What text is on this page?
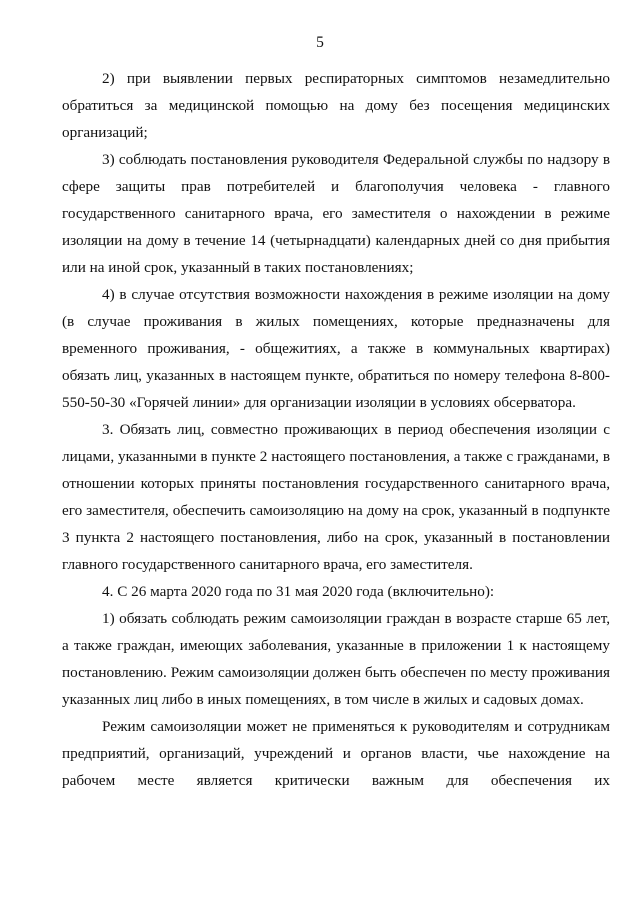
5

2) при выявлении первых респираторных симптомов незамедлительно обратиться за медицинской помощью на дому без посещения медицинских организаций;

3) соблюдать постановления руководителя Федеральной службы по надзору в сфере защиты прав потребителей и благополучия человека - главного государственного санитарного врача, его заместителя о нахождении в режиме изоляции на дому в течение 14 (четырнадцати) календарных дней со дня прибытия или на иной срок, указанный в таких постановлениях;

4) в случае отсутствия возможности нахождения в режиме изоляции на дому (в случае проживания в жилых помещениях, которые предназначены для временного проживания, - общежитиях, а также в коммунальных квартирах) обязать лиц, указанных в настоящем пункте, обратиться по номеру телефона 8-800-550-50-30 «Горячей линии» для организации изоляции в условиях обсерватора.

3. Обязать лиц, совместно проживающих в период обеспечения изоляции с лицами, указанными в пункте 2 настоящего постановления, а также с гражданами, в отношении которых приняты постановления государственного санитарного врача, его заместителя, обеспечить самоизоляцию на дому на срок, указанный в подпункте 3 пункта 2 настоящего постановления, либо на срок, указанный в постановлении главного государственного санитарного врача, его заместителя.

4. С 26 марта 2020 года по 31 мая 2020 года (включительно):

1) обязать соблюдать режим самоизоляции граждан в возрасте старше 65 лет, а также граждан, имеющих заболевания, указанные в приложении 1 к настоящему постановлению. Режим самоизоляции должен быть обеспечен по месту проживания указанных лиц либо в иных помещениях, в том числе в жилых и садовых домах.

Режим самоизоляции может не применяться к руководителям и сотрудникам предприятий, организаций, учреждений и органов власти, чье нахождение на рабочем месте является критически важным для обеспечения их
